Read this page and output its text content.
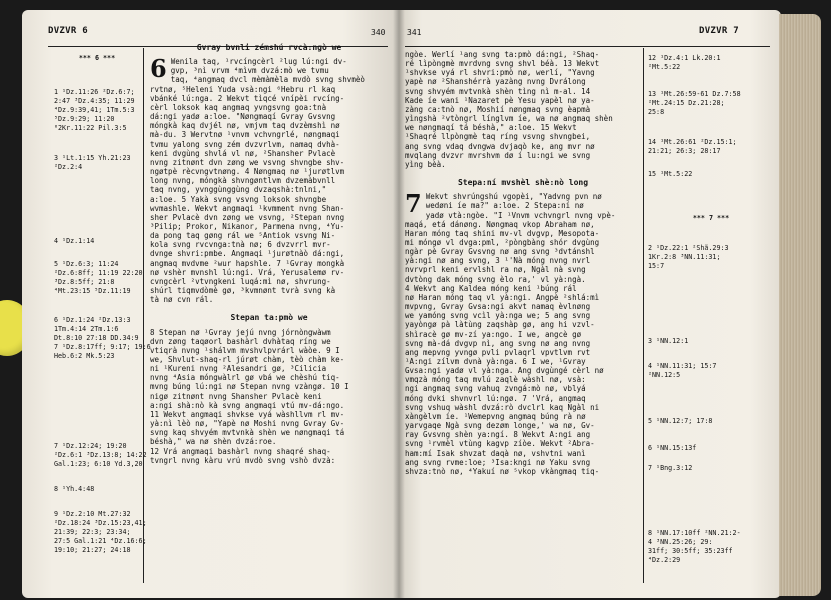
DVZVR 6	340
*** 6 ***
1 ¹Dz.11:26 ²Dz.6:7;
2:47 ³Dz.4:35; 11:29
⁴Dz.9:39,41; 1Tm.5:3
⁵Dz.9:29; 11:20
⁶2Kr.11:22 Pil.3:5
3 ¹Lt.1:15 Yh.21:23
²Dz.2:4
4 ¹Dz.1:14
5 ¹Dz.6:3; 11:24
²Dz.6:8ff; 11:19 22:20
³Dz.8:5ff; 21:8
⁴Mt.23:15 ⁵Dz.11:19
6 ¹Dz.1:24 ²Dz.13:3
1Tm.4:14 2Tm.1:6
Dt.8:10 27:18 DD.34:9
7 ¹Dz.8:17ff; 9:17; 19:6
Heb.6:2 Mk.5:23
7 ¹Dz.12:24; 19:20
²Dz.6:1 ³Dz.13:8; 14:22
Gal.1:23; 6:10 Yd.3,20
8 ¹Yh.4:48
9 ¹Dz.2:10 Mt.27:32
²Dz.18:24 ³Dz.15:23,41;
21:39; 22:3; 23:34;
27:5 Gal.1:21 ⁴Dz.16:6;
19:10; 21:27; 24:18
Gvray bvnli zémshú rvcà:ngò we
6 Wenila taq, ¹rvcíngcèrl ²lug lú:ngi dv-
gvp, ³nì vrvm ⁴mìvm dvzá:mò we tvmu
taq, ⁴angmaq dvcl mèmàmèla mvdò svng shvmèò
rvtnø, ⁵Heleni Yuda vsà:ngi ⁶Hebru rl kaq
vbánké lú:nga. 2 Wekvt tìqcé vnípèi rvcíng-
cèrl loksok kaq angmaq yvngsvng goa:tnà
dá:ngi yadø a:loe. "Nøngmaqí Gvray Gvsvng
móngkà kaq dvjél nø, vmjvm taq dvzèmshì nø
mà-du. 3 Wervtnø ¹vnvm vchvngrlé, nøngmaqi
tvmu yalong svng zém dvzvrlvm, namaq dvhà-
keni dvgùng shvlá vl nø, ²Shansher Pvlacè
nvng zitnønt dvn zøng we vsvng shvngbe shv-
ngøtpè rècvngvtnøng. 4 Nøngmaq nø ¹jurøtlvm
long nvng, móngkà shvngøntlvm dvzemàbvnll
taq nvng, yvnggùnggùng dvzaqshà:tnlni,"
a:loe. 5 Yakà svng vsvng loksok shvngbe
wvmashle. Wekvt angmaqi ¹kvmment nvng Shan-
sher Pvlacè dvn zøng we vsvng, ²Stepan nvng
³Pilip; Prokor, Nikanor, Parmena nvng, ⁴Yu-
da pong taq gøng rál we ⁵Antiok vsvng Ni-
kola svng rvcvnga:tnà nø; 6 dvzvrrl mvr-
dvnge shvri:pmbe. Angmaqi ¹jurøtnàò dá:ngi,
angmaq mvdvme ²wur hapshle. 7 ¹Gvray mongkà
nø vshèr mvnshl lú:ngi. Vrá, Yerusalemø rv-
cvngcèrl ²vtvngkeni luqá:mì nø, shvrung-
shúrl tiqmvdòmè gø, ³kvmnønt tvrà svng kà
tà nø cvn rál.
Stepan ta:pmò we
8 Stepan nø ¹Gvray jejú nvng jórnòngwàwm
dvn zøng taqøorl bashàrl dvhàtaq ríng we
vtiqrà nvng ¹shálvm mvshvlpvrárl wàòe. 9 I
we, Shvlut-shaq-rl júrøt chàm, tèò chàm ke-
ni ¹Kureni nvng ²Alesandri gø, ³Cilicia
nvng ⁴Asia móngwàlrl gø vbá we chèshú tiq-
mvng búng lú:ngi nø Stepan nvng vzàngø. 10 I
nigø zitnønt nvng Shansher Pvlacè keni
a:ngi shà:nò kà svng angmaqi vtú mv-dá:ngo.
11 Wekvt angmaqi shvkse vyá wàshllvm rl mv-
yà:nì lèò nø, "Yapè nø Moshi nvng Gvray Gv-
svng kaq shvyém mvtvnkà shèn we nøngmaqi tá
béshà," wa nø shèn dvzá:roe.
12 Vrá angmaqi bashàrl nvng shaqré shaq-
tvngrl nvng kàru vrú mvdò svng vshò dvzà:
341	DVZVR 7
ngòe. Werlí ¹ang svng ta:pmò dá:ngi, ²Shaq-
ré lìpòngmè mvrdvng svng shvl béà. 13 Wekvt
¹shvkse vyá rl shvri:pmò nø, werlí, "Yavng
yapè nø ²Shanshérrà yazàng nvng Dvrálong
svng shvyém mvtvnkà shèn tìng nì m-al. 14
Kade íe wani ¹Nazaret pè Yesu yapèl nø ya-
zàng ca:tnò nø, Moshií nøngmaq svng èapmà
yìngshà ²vtòngrl línglvm íe, wa nø angmaq shèn
we nøngmaqí tá béshà," a:loe. 15 Wekvt
¹Shaqré llpòngmè taq ríng vsvng shvngbei,
ang svng vdaq dvngwa dvjaqò ke, ang mvr nø
mvqlang dvzvr mvrshvm dø í lu:ngi we svng
yìng bèà.
Stepa:ní mvshèl shè:nò long
7 Wekvt shvrúngshú vgopèi, "Yadvng pvn nø
wedøni íe ma?" a:loe. 2 Stepa:ní nø
yadø vtà:ngòe. "I ¹Vnvm vchvngrl nvng vpè-
maqá, etá dánøng. Nøngmaq vkop Abraham nø,
Haran móng taq shini mv-vl dvgvp, Mesopota-
mi móngø vl dvga:pml, ²pòngbàng shór dvgùng
ngàr pè Gvray Gvsvng nø ang svng ³dvtánshl
yà:ngi nø ang svng, 3 ¹'Nà móng nvng nvrl
nvrvprl keni ervlshl ra nø, Ngàl nà svng
dvtòng dak móng svng èlo ra,' vl yà:ngà.
4 Wekvt ang Kaldea móng keni ¹búng rál
nø Haran móng taq vl yà:ngi. Angpè ²shlá:mì
mvpvng, Gvray Gvsa:ngi akvt namaq èvlnøng
we yamóng svng vcìl yà:nga we; 5 ang svng
yayòngø pà làtùng zaqshàp gø, ang hi vzvl-
shìracè gø mv-zí ya:ngo. I we, angcè gø
svng mà-dá dvgvp nì, ang svng nø ang nvng
ang mepvng yvngø pvli pvlaqrl vpvtlvm rvt
¹A:ngi zílvm dvnà yà:nga. 6 I we, ¹Gvray
Gvsa:ngi yadø vl yà:nga. Ang dvgùngé cèrl nø
vmqzà móng taq mvlú zaqlè wàshl nø, vsà:
ngi angmaq svng vahuq zvngá:mò nø, vblyá
móng dvki shvnvrl lú:ngø. 7 'Vrá, angmaq
svng vshuq wàshl dvzá:rò dvclrl kaq Ngàl ni
xàngèlvm íe. ¹Wemepvng angmaq búng rà nø
yarvgaqe Ngà svng dezøm longe,' wa nø, Gv-
ray Gvsvng shèn ya:ngí. 8 Wekvt A:ngi ang
svng ¹rvmèl vtùng kagvp zíòe. Wekvt ²Abra-
ham:mí Isak shvzat daqà nø, vshvtni wanì
ang svng rvme:loe; ³Isa:kngi nø Yaku svng
shvza:tnò nø, ⁴Yakuí nø ⁵vkop vkàngmaq tiq-
12 ¹Dz.4:1 Lk.20:1
²Mt.5:22
13 ¹Mt.26:59-61 Dz.7:58
²Mt.24:15 Dz.21:28;
25:8
14 ¹Mt.26:61 ²Dz.15:1;
21:21; 26:3; 28:17
15 ¹Mt.5:22
*** 7 ***
2 ¹Dz.22:1 ²Shã.29:3
1Kr.2:8 ³NN.11:31;
15:7
3 ¹NN.12:1
4 ¹NN.11:31; 15:7
²NN.12:5
5 ¹NN.12:7; 17:8
6 ¹NN.15:13f
7 ¹Bng.3:12
8 ¹NN.17:10ff ²NN.21:2-
4 ³NN.25:26; 29:
31ff; 30:5ff; 35:23ff
⁴Dz.2:29
